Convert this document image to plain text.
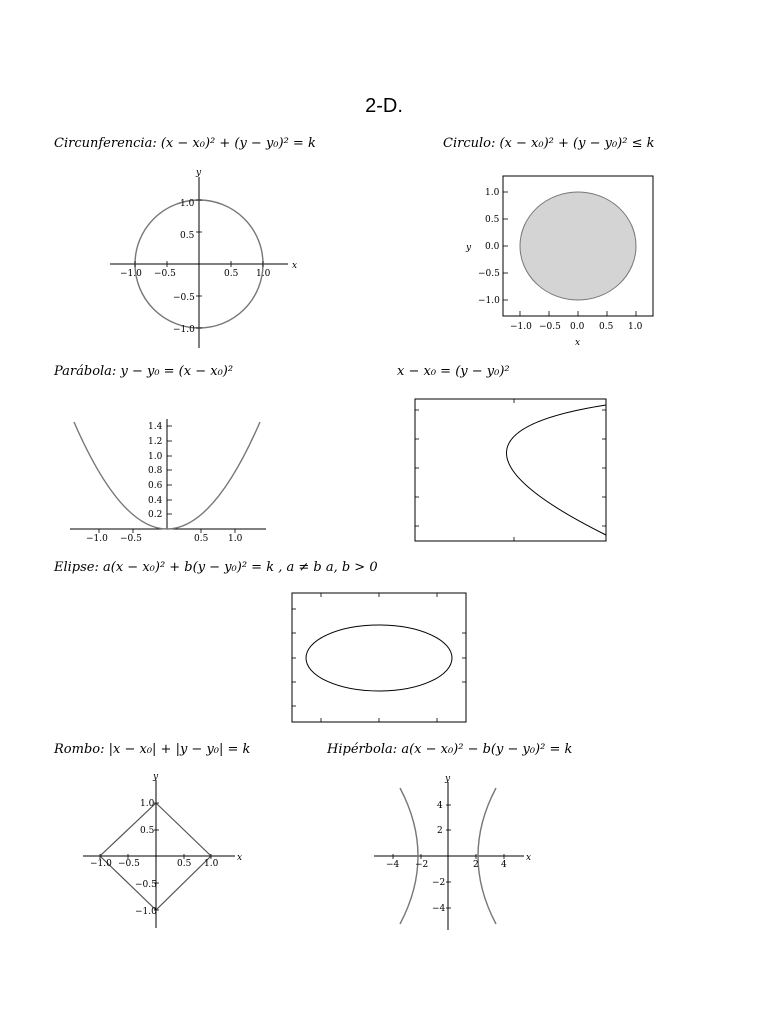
2-D.
Circunferencia: (x − x₀)² + (y − y₀)² = k	Circulo: (x − x₀)² + (y − y₀)² ≤ k
Parábola: y − y₀ = (x − x₀)²	x − x₀ = (y − y₀)²
Elipse: a(x − x₀)² + b(y − y₀)² = k , a ≠ b a, b > 0
Rombo: |x − x₀| + |y − y₀| = k	Hipérbola: a(x − x₀)² − b(y − y₀)² = k
−1.0 −0.5	0.5 1.0
1.0
0.5
−0.5
−1.0
x
y
−1.0 −0.5 0.0 0.5 1.0
1.0
0.5
0.0
−0.5
−1.0
x
y
−1.0 −0.5	0.5 1.0
1.4
1.2
1.0
0.8
0.6
0.4
0.2
−1.0 −0.5	0.5 1.0
1.0
0.5
−0.5
−1.0
x
y
−4 −2	2 4
4
2
−2
−4
x
y
